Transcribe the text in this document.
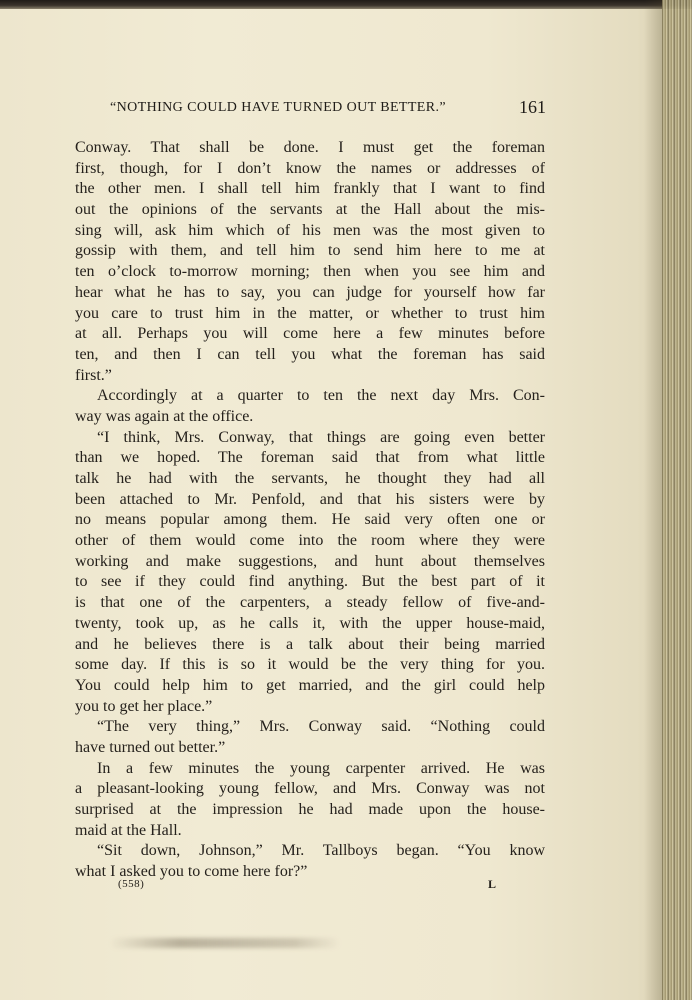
“NOTHING COULD HAVE TURNED OUT BETTER.”	161
Conway. That shall be done. I must get the foreman
first, though, for I don’t know the names or addresses of
the other men. I shall tell him frankly that I want to find
out the opinions of the servants at the Hall about the mis-
sing will, ask him which of his men was the most given to
gossip with them, and tell him to send him here to me at
ten o’clock to-morrow morning; then when you see him and
hear what he has to say, you can judge for yourself how far
you care to trust him in the matter, or whether to trust him
at all. Perhaps you will come here a few minutes before
ten, and then I can tell you what the foreman has said
first.”
Accordingly at a quarter to ten the next day Mrs. Con-
way was again at the office.
“I think, Mrs. Conway, that things are going even better
than we hoped. The foreman said that from what little
talk he had with the servants, he thought they had all
been attached to Mr. Penfold, and that his sisters were by
no means popular among them. He said very often one or
other of them would come into the room where they were
working and make suggestions, and hunt about themselves
to see if they could find anything. But the best part of it
is that one of the carpenters, a steady fellow of five-and-
twenty, took up, as he calls it, with the upper house-maid,
and he believes there is a talk about their being married
some day. If this is so it would be the very thing for you.
You could help him to get married, and the girl could help
you to get her place.”
“The very thing,” Mrs. Conway said. “Nothing could
have turned out better.”
In a few minutes the young carpenter arrived. He was
a pleasant-looking young fellow, and Mrs. Conway was not
surprised at the impression he had made upon the house-
maid at the Hall.
“Sit down, Johnson,” Mr. Tallboys began. “You know
what I asked you to come here for?”
(558)	L
